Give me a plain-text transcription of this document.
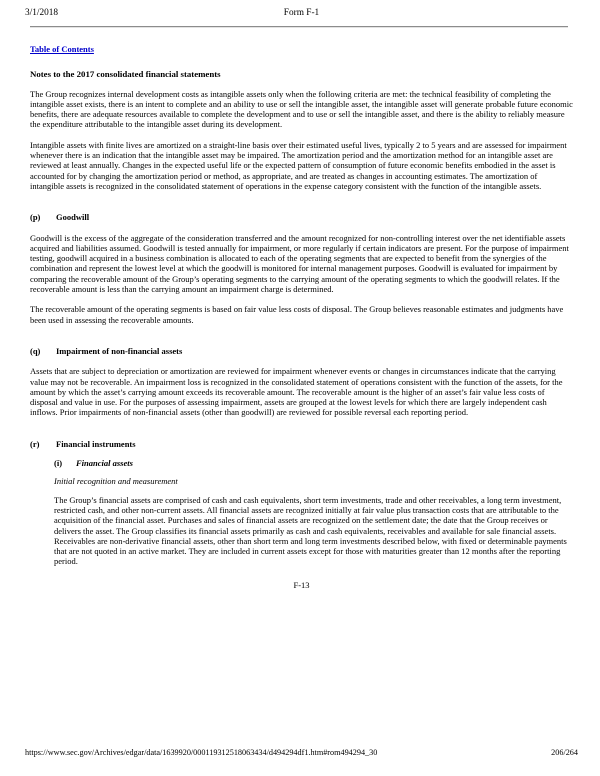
3/1/2018	Form F-1
Table of Contents
Notes to the 2017 consolidated financial statements

The Group recognizes internal development costs as intangible assets only when the following criteria are met: the technical feasibility of completing the intangible asset exists, there is an intent to complete and an ability to use or sell the intangible asset, the intangible asset will generate probable future economic benefits, there are adequate resources available to complete the development and to use or sell the intangible asset, and there is the ability to reliably measure the expenditure attributable to the intangible asset during its development.

Intangible assets with finite lives are amortized on a straight-line basis over their estimated useful lives, typically 2 to 5 years and are assessed for impairment whenever there is an indication that the intangible asset may be impaired. The amortization period and the amortization method for an intangible asset are reviewed at least annually. Changes in the expected useful life or the expected pattern of consumption of future economic benefits embodied in the asset is accounted for by changing the amortization period or method, as appropriate, and are treated as changes in accounting estimates. The amortization of intangible assets is recognized in the consolidated statement of operations in the expense category consistent with the function of the intangible assets.

(p)	Goodwill

Goodwill is the excess of the aggregate of the consideration transferred and the amount recognized for non-controlling interest over the net identifiable assets acquired and liabilities assumed. Goodwill is tested annually for impairment, or more regularly if certain indicators are present. For the purpose of impairment testing, goodwill acquired in a business combination is allocated to each of the operating segments that are expected to benefit from the synergies of the combination and represent the lowest level at which the goodwill is monitored for internal management purposes. Goodwill is evaluated for impairment by comparing the recoverable amount of the Group’s operating segments to the carrying amount of the operating segments to which the goodwill relates. If the recoverable amount is less than the carrying amount an impairment charge is determined.

The recoverable amount of the operating segments is based on fair value less costs of disposal. The Group believes reasonable estimates and judgments have been used in assessing the recoverable amounts.

(q)	Impairment of non-financial assets

Assets that are subject to depreciation or amortization are reviewed for impairment whenever events or changes in circumstances indicate that the carrying value may not be recoverable. An impairment loss is recognized in the consolidated statement of operations consistent with the function of the assets, for the amount by which the asset’s carrying amount exceeds its recoverable amount. The recoverable amount is the higher of an asset’s fair value less costs of disposal and value in use. For the purposes of assessing impairment, assets are grouped at the lowest levels for which there are largely independent cash inflows. Prior impairments of non-financial assets (other than goodwill) are reviewed for possible reversal each reporting period.

(r)	Financial instruments
(i)	Financial assets
Initial recognition and measurement

The Group’s financial assets are comprised of cash and cash equivalents, short term investments, trade and other receivables, a long term investment, restricted cash, and other non-current assets. All financial assets are recognized initially at fair value plus transaction costs that are attributable to the acquisition of the financial asset. Purchases and sales of financial assets are recognized on the settlement date; the date that the Group receives or delivers the asset. The Group classifies its financial assets primarily as cash and cash equivalents, receivables and available for sale financial assets. Receivables are non-derivative financial assets, other than short term and long term investments described below, with fixed or determinable payments that are not quoted in an active market. They are included in current assets except for those with maturities greater than 12 months after the reporting period.

F-13
https://www.sec.gov/Archives/edgar/data/1639920/000119312518063434/d494294df1.htm#rom494294_30	206/264
